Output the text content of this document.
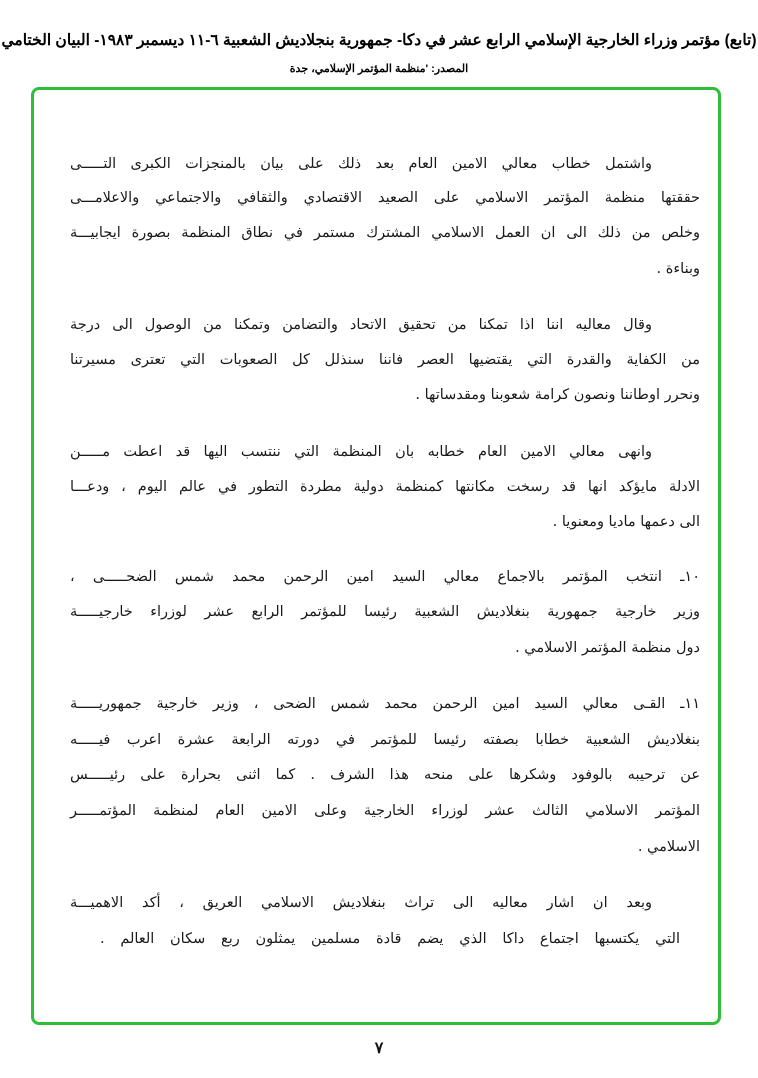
(تابع) مؤتمر وزراء الخارجية الإسلامي الرابع عشر في دكا- جمهورية بنجلاديش الشعبية ٦-١١ ديسمبر ١٩٨٣- البيان الختامي
المصدر: 'منظمة المؤتمر الإسلامي، جدة
واشتمل خطاب معالي الامين العام بعد ذلك على بيان بالمنجزات الكبرى التـــــى
حققتها منظمة المؤتمر الاسلامي على الصعيد الاقتصادي والثقافي والاجتماعي والاعلامـــى
وخلص من ذلك الى ان العمل الاسلامي المشترك مستمر في نطاق المنظمة بصورة ايجابيـــة
وبناءة .
وقال معاليه اننا اذا تمكنا من تحقيق الاتحاد والتضامن وتمكنا من الوصول الى درجة
من الكفاية والقدرة التي يقتضيها العصر فاننا سنذلل كل الصعوبات التي تعترى مسيرتنا
ونحرر اوطاننا ونصون كرامة شعوبنا ومقدساتها .
وانهى معالي الامين العام خطابه بان المنظمة التي ننتسب اليها قد اعطت مـــــن
الادلة مايؤكد انها قد رسخت مكانتها كمنظمة دولية مطردة التطور في عالم اليوم ، ودعـــا
الى دعمها ماديا ومعنويا .
١٠ـ انتخب المؤتمر بالاجماع معالي السيد امين الرحمن محمد شمس الضحـــــى ،
وزير خارجية جمهورية بنغلاديش الشعبية رئيسا للمؤتمر الرابع عشر لوزراء خارجيـــــة
دول منظمة المؤتمر الاسلامي .
١١ـ القـى معالي السيد امين الرحمن محمد شمس الضحى ، وزير خارجية جمهوريـــــة
بنغلاديش الشعبية خطابا بصفته رئيسا للمؤتمر في دورته الرابعة عشرة اعرب فيـــــه
عن ترحيبه بالوفود وشكرها على منحه هذا الشرف . كما اثنى بحرارة على رئيـــــس
المؤتمر الاسلامي الثالث عشر لوزراء الخارجية وعلى الامين العام لمنظمة المؤتمـــــر
الاسلامي .
وبعد ان اشار معاليه الى تراث بنغلاديش الاسلامي العريق ، أكد الاهميـــة
التي يكتسبها اجتماع داكا الذي يضم قادة مسلمين يمثلون ربع سكان العالم .
٧
